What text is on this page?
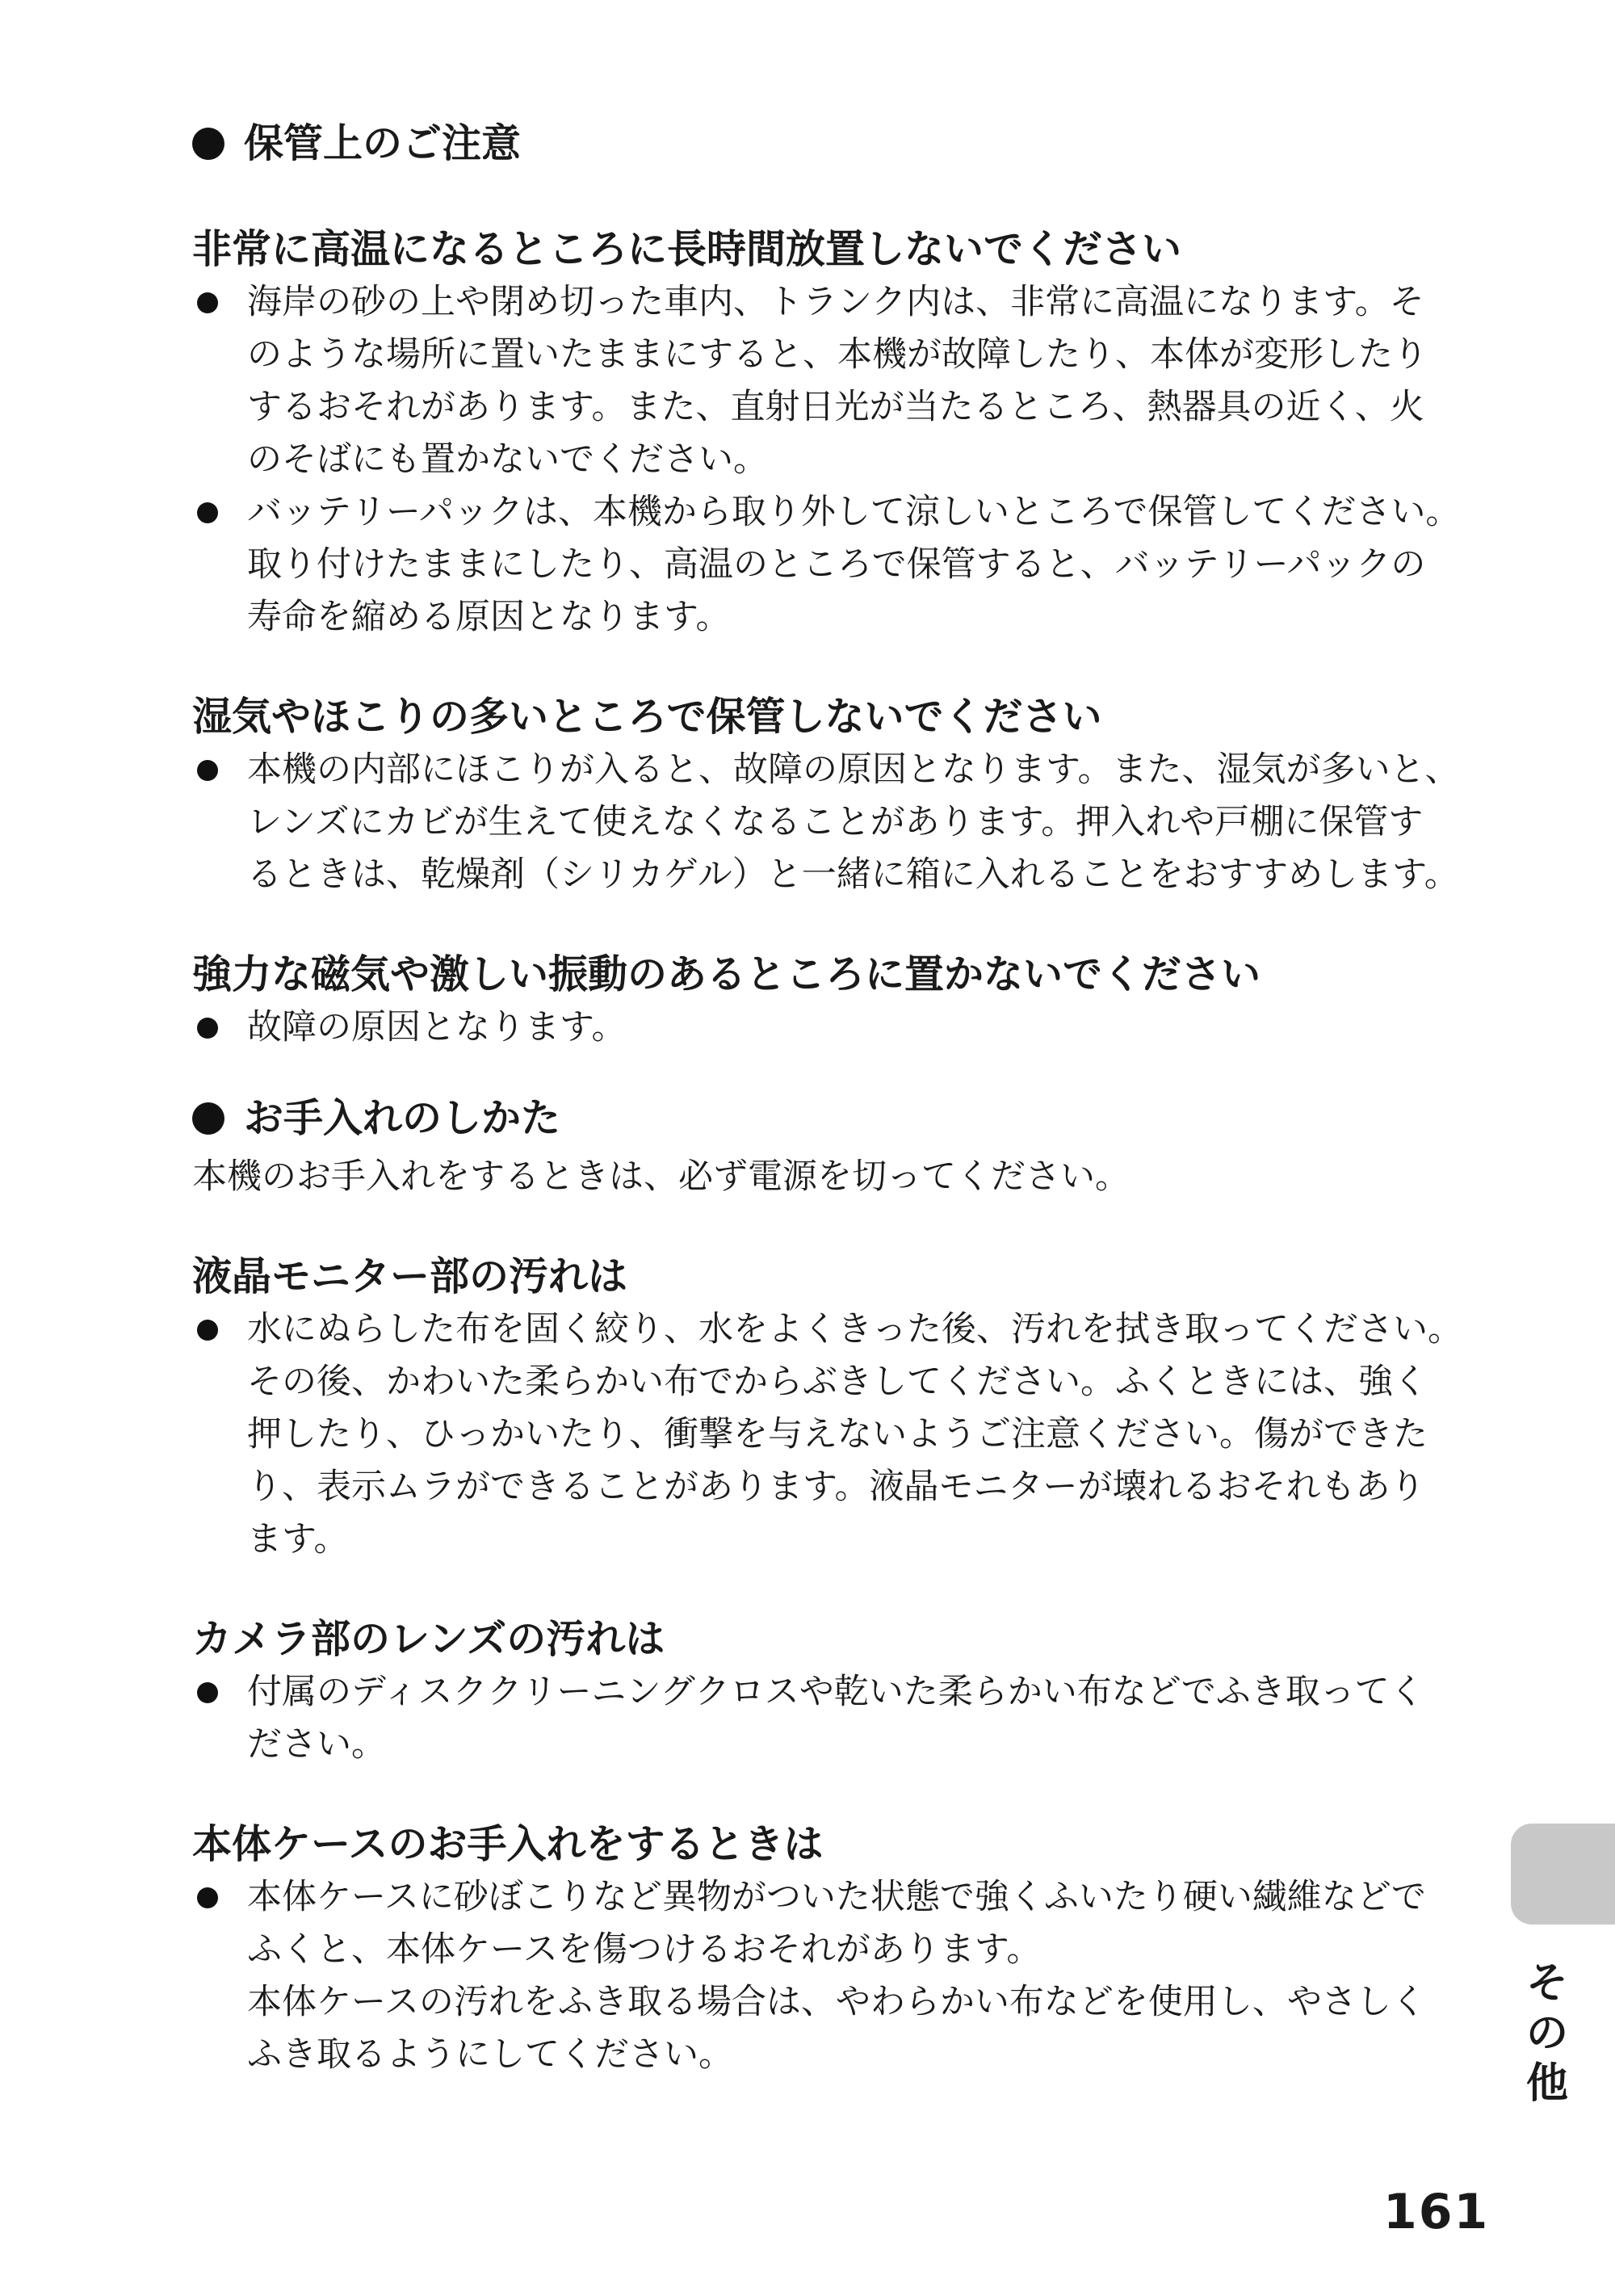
保管上のご注意
非常に高温になるところに長時間放置しないでください
海岸の砂の上や閉め切った車内、トランク内は、非常に高温になります。そ
のような場所に置いたままにすると、本機が故障したり、本体が変形したり
するおそれがあります。また、直射日光が当たるところ、熱器具の近く、火
のそばにも置かないでください。
バッテリーパックは、本機から取り外して涼しいところで保管してください。
取り付けたままにしたり、高温のところで保管すると、バッテリーパックの
寿命を縮める原因となります。
湿気やほこりの多いところで保管しないでください
本機の内部にほこりが入ると、故障の原因となります。また、湿気が多いと、
レンズにカビが生えて使えなくなることがあります。押入れや戸棚に保管す
るときは、乾燥剤（シリカゲル）と一緒に箱に入れることをおすすめします。
強力な磁気や激しい振動のあるところに置かないでください
故障の原因となります。
お手入れのしかた
本機のお手入れをするときは、必ず電源を切ってください。
液晶モニター部の汚れは
水にぬらした布を固く絞り、水をよくきった後、汚れを拭き取ってください。
その後、かわいた柔らかい布でからぶきしてください。ふくときには、強く
押したり、ひっかいたり、衝撃を与えないようご注意ください。傷ができた
り、表示ムラができることがあります。液晶モニターが壊れるおそれもあり
ます。
カメラ部のレンズの汚れは
付属のディスククリーニングクロスや乾いた柔らかい布などでふき取ってく
ださい。
本体ケースのお手入れをするときは
本体ケースに砂ぼこりなど異物がついた状態で強くふいたり硬い繊維などで
ふくと、本体ケースを傷つけるおそれがあります。
本体ケースの汚れをふき取る場合は、やわらかい布などを使用し、やさしく
ふき取るようにしてください。
そ
の
他
161
